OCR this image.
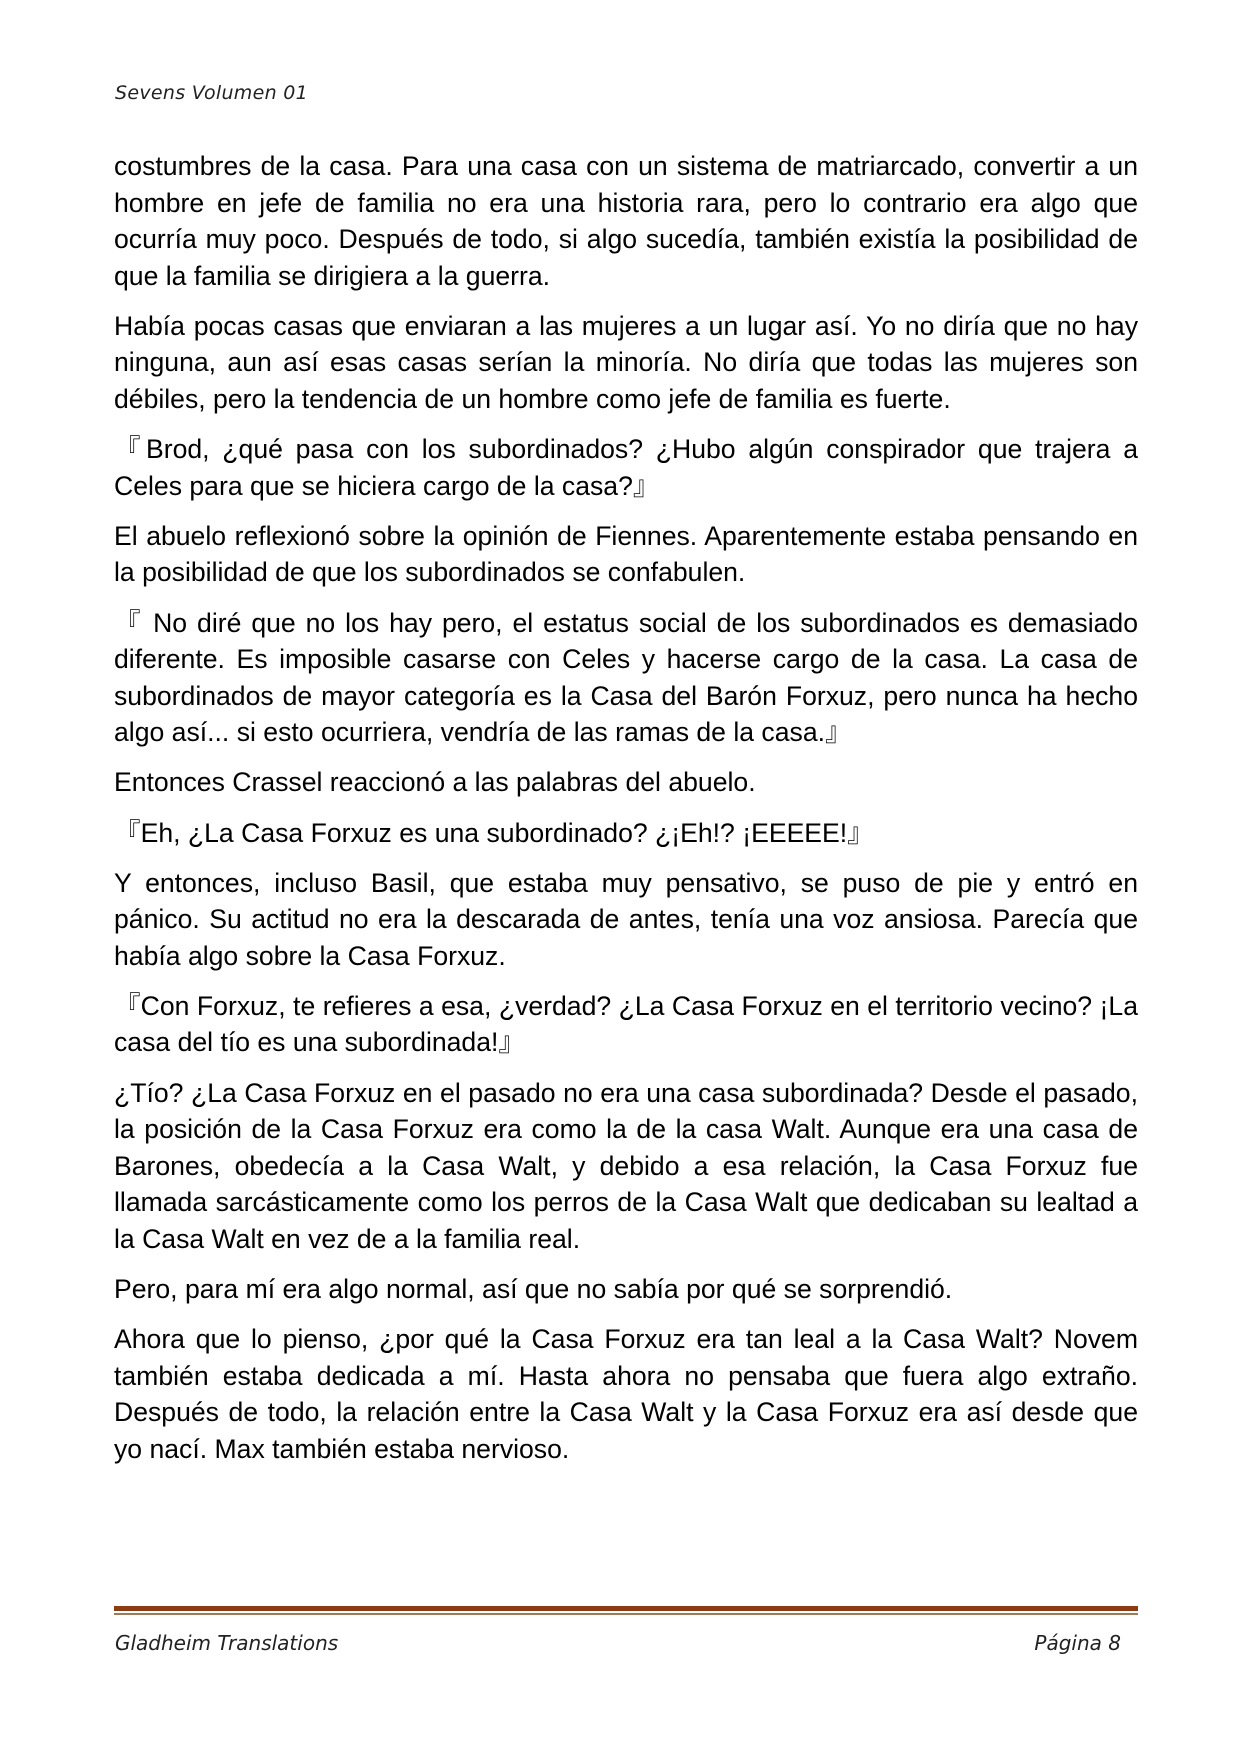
Sevens Volumen 01

costumbres de la casa. Para una casa con un sistema de matriarcado, convertir a un hombre en jefe de familia no era una historia rara, pero lo contrario era algo que ocurría muy poco. Después de todo, si algo sucedía, también existía la posibilidad de que la familia se dirigiera a la guerra.

Había pocas casas que enviaran a las mujeres a un lugar así. Yo no diría que no hay ninguna, aun así esas casas serían la minoría. No diría que todas las mujeres son débiles, pero la tendencia de un hombre como jefe de familia es fuerte.

『Brod, ¿qué pasa con los subordinados? ¿Hubo algún conspirador que trajera a Celes para que se hiciera cargo de la casa?』

El abuelo reflexionó sobre la opinión de Fiennes. Aparentemente estaba pensando en la posibilidad de que los subordinados se confabulen.

『 No diré que no los hay pero, el estatus social de los subordinados es demasiado diferente. Es imposible casarse con Celes y hacerse cargo de la casa. La casa de subordinados de mayor categoría es la Casa del Barón Forxuz, pero nunca ha hecho algo así... si esto ocurriera, vendría de las ramas de la casa.』

Entonces Crassel reaccionó a las palabras del abuelo.

『Eh, ¿La Casa Forxuz es una subordinado? ¿¡Eh!? ¡EEEEE!』

Y entonces, incluso Basil, que estaba muy pensativo, se puso de pie y entró en pánico. Su actitud no era la descarada de antes, tenía una voz ansiosa. Parecía que había algo sobre la Casa Forxuz.

『Con Forxuz, te refieres a esa, ¿verdad? ¿La Casa Forxuz en el territorio vecino? ¡La casa del tío es una subordinada!』

¿Tío? ¿La Casa Forxuz en el pasado no era una casa subordinada? Desde el pasado, la posición de la Casa Forxuz era como la de la casa Walt. Aunque era una casa de Barones, obedecía a la Casa Walt, y debido a esa relación, la Casa Forxuz fue llamada sarcásticamente como los perros de la Casa Walt que dedicaban su lealtad a la Casa Walt en vez de a la familia real.

Pero, para mí era algo normal, así que no sabía por qué se sorprendió.

Ahora que lo pienso, ¿por qué la Casa Forxuz era tan leal a la Casa Walt? Novem también estaba dedicada a mí. Hasta ahora no pensaba que fuera algo extraño. Después de todo, la relación entre la Casa Walt y la Casa Forxuz era así desde que yo nací. Max también estaba nervioso.

Gladheim Translations	Página 8
